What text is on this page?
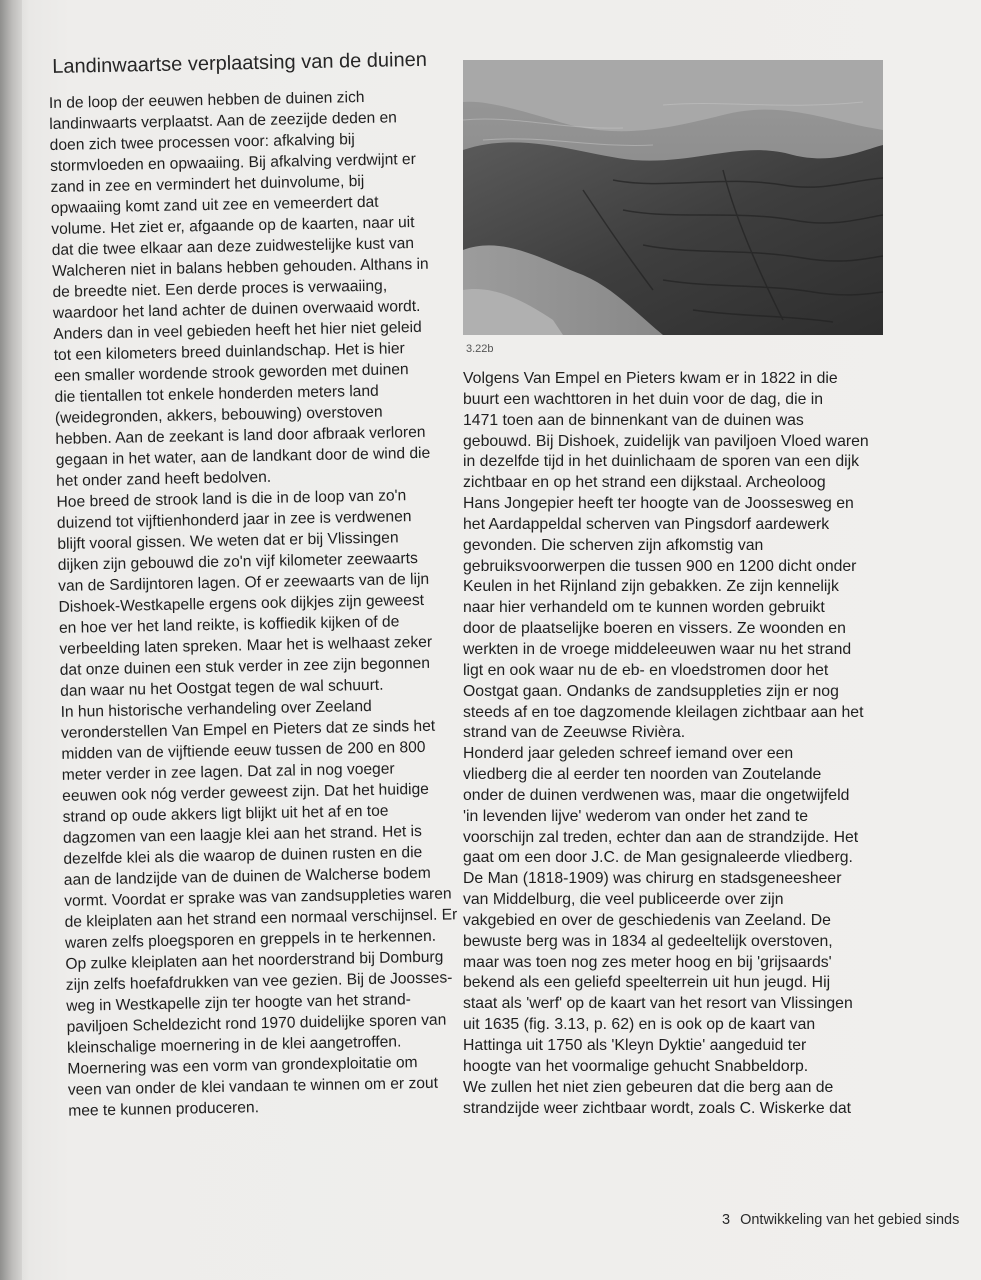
Landinwaartse verplaatsing van de duinen
In de loop der eeuwen hebben de duinen zich
landinwaarts verplaatst. Aan de zeezijde deden en
doen zich twee processen voor: afkalving bij
stormvloeden en opwaaiing. Bij afkalving verdwijnt er
zand in zee en vermindert het duinvolume, bij
opwaaiing komt zand uit zee en vemeerdert dat
volume. Het ziet er, afgaande op de kaarten, naar uit
dat die twee elkaar aan deze zuidwestelijke kust van
Walcheren niet in balans hebben gehouden. Althans in
de breedte niet. Een derde proces is verwaaiing,
waardoor het land achter de duinen overwaaid wordt.
Anders dan in veel gebieden heeft het hier niet geleid
tot een kilometers breed duinlandschap. Het is hier
een smaller wordende strook geworden met duinen
die tientallen tot enkele honderden meters land
(weidegronden, akkers, bebouwing) overstoven
hebben. Aan de zeekant is land door afbraak verloren
gegaan in het water, aan de landkant door de wind die
het onder zand heeft bedolven.
Hoe breed de strook land is die in de loop van zo'n
duizend tot vijftienhonderd jaar in zee is verdwenen
blijft vooral gissen. We weten dat er bij Vlissingen
dijken zijn gebouwd die zo'n vijf kilometer zeewaarts
van de Sardijntoren lagen. Of er zeewaarts van de lijn
Dishoek-Westkapelle ergens ook dijkjes zijn geweest
en hoe ver het land reikte, is koffiedik kijken of de
verbeelding laten spreken. Maar het is welhaast zeker
dat onze duinen een stuk verder in zee zijn begonnen
dan waar nu het Oostgat tegen de wal schuurt.
In hun historische verhandeling over Zeeland
veronderstellen Van Empel en Pieters dat ze sinds het
midden van de vijftiende eeuw tussen de 200 en 800
meter verder in zee lagen. Dat zal in nog voeger
eeuwen ook nóg verder geweest zijn. Dat het huidige
strand op oude akkers ligt blijkt uit het af en toe
dagzomen van een laagje klei aan het strand. Het is
dezelfde klei als die waarop de duinen rusten en die
aan de landzijde van de duinen de Walcherse bodem
vormt. Voordat er sprake was van zandsuppleties waren
de kleiplaten aan het strand een normaal verschijnsel. Er
waren zelfs ploegsporen en greppels in te herkennen.
Op zulke kleiplaten aan het noorderstrand bij Domburg
zijn zelfs hoefafdrukken van vee gezien. Bij de Joosses-
weg in Westkapelle zijn ter hoogte van het strand-
paviljoen Scheldezicht rond 1970 duidelijke sporen van
kleinschalige moernering in de klei aangetroffen.
Moernering was een vorm van grondexploitatie om
veen van onder de klei vandaan te winnen om er zout
mee te kunnen produceren.
3.22b
Volgens Van Empel en Pieters kwam er in 1822 in die
buurt een wachttoren in het duin voor de dag, die in
1471 toen aan de binnenkant van de duinen was
gebouwd. Bij Dishoek, zuidelijk van paviljoen Vloed waren
in dezelfde tijd in het duinlichaam de sporen van een dijk
zichtbaar en op het strand een dijkstaal. Archeoloog
Hans Jongepier heeft ter hoogte van de Joossesweg en
het Aardappeldal scherven van Pingsdorf aardewerk
gevonden. Die scherven zijn afkomstig van
gebruiksvoorwerpen die tussen 900 en 1200 dicht onder
Keulen in het Rijnland zijn gebakken. Ze zijn kennelijk
naar hier verhandeld om te kunnen worden gebruikt
door de plaatselijke boeren en vissers. Ze woonden en
werkten in de vroege middeleeuwen waar nu het strand
ligt en ook waar nu de eb- en vloedstromen door het
Oostgat gaan. Ondanks de zandsuppleties zijn er nog
steeds af en toe dagzomende kleilagen zichtbaar aan het
strand van de Zeeuwse Rivièra.
Honderd jaar geleden schreef iemand over een
vliedberg die al eerder ten noorden van Zoutelande
onder de duinen verdwenen was, maar die ongetwijfeld
'in levenden lijve' wederom van onder het zand te
voorschijn zal treden, echter dan aan de strandzijde. Het
gaat om een door J.C. de Man gesignaleerde vliedberg.
De Man (1818-1909) was chirurg en stadsgeneesheer
van Middelburg, die veel publiceerde over zijn
vakgebied en over de geschiedenis van Zeeland. De
bewuste berg was in 1834 al gedeeltelijk overstoven,
maar was toen nog zes meter hoog en bij 'grijsaards'
bekend als een geliefd speelterrein uit hun jeugd. Hij
staat als 'werf' op de kaart van het resort van Vlissingen
uit 1635 (fig. 3.13, p. 62) en is ook op de kaart van
Hattinga uit 1750 als 'Kleyn Dyktie' aangeduid ter
hoogte van het voormalige gehucht Snabbeldorp.
We zullen het niet zien gebeuren dat die berg aan de
strandzijde weer zichtbaar wordt, zoals C. Wiskerke dat
3 Ontwikkeling van het gebied sinds
